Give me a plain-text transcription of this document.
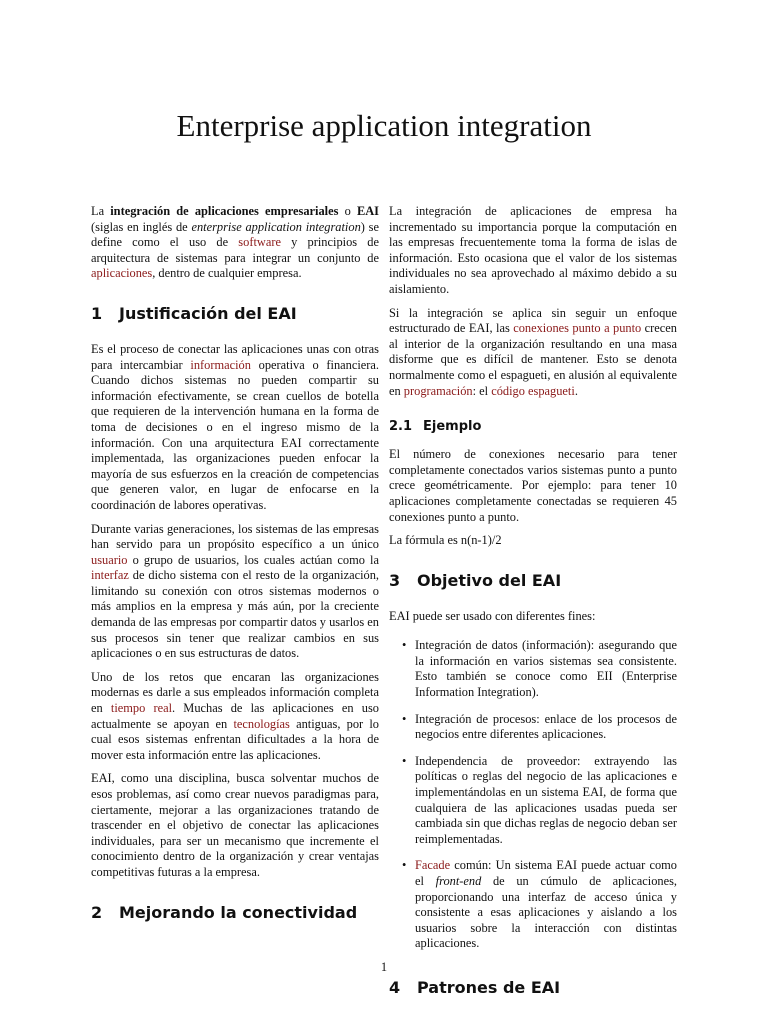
Enterprise application integration

La integración de aplicaciones empresariales o EAI (siglas en inglés de enterprise application integration) se define como el uso de software y principios de arquitectura de sistemas para integrar un conjunto de aplicaciones, dentro de cualquier empresa.

1 Justificación del EAI

Es el proceso de conectar las aplicaciones unas con otras para intercambiar información operativa o financiera. Cuando dichos sistemas no pueden compartir su información efectivamente, se crean cuellos de botella que requieren de la intervención humana en la forma de toma de decisiones o en el ingreso mismo de la información. Con una arquitectura EAI correctamente implementada, las organizaciones pueden enfocar la mayoría de sus esfuerzos en la creación de competencias que generen valor, en lugar de enfocarse en la coordinación de labores operativas.

Durante varias generaciones, los sistemas de las empresas han servido para un propósito específico a un único usuario o grupo de usuarios, los cuales actúan como la interfaz de dicho sistema con el resto de la organización, limitando su conexión con otros sistemas modernos o más amplios en la empresa y más aún, por la creciente demanda de las empresas por compartir datos y usarlos en sus procesos sin tener que realizar cambios en sus aplicaciones o en sus estructuras de datos.

Uno de los retos que encaran las organizaciones modernas es darle a sus empleados información completa en tiempo real. Muchas de las aplicaciones en uso actualmente se apoyan en tecnologías antiguas, por lo cual esos sistemas enfrentan dificultades a la hora de mover esta información entre las aplicaciones.

EAI, como una disciplina, busca solventar muchos de esos problemas, así como crear nuevos paradigmas para, ciertamente, mejorar a las organizaciones tratando de trascender en el objetivo de conectar las aplicaciones individuales, para ser un mecanismo que incremente el conocimiento dentro de la organización y crear ventajas competitivas futuras a la empresa.

2 Mejorando la conectividad

La integración de aplicaciones de empresa ha incrementado su importancia porque la computación en las empresas frecuentemente toma la forma de islas de información. Esto ocasiona que el valor de los sistemas individuales no sea aprovechado al máximo debido a su aislamiento.

Si la integración se aplica sin seguir un enfoque estructurado de EAI, las conexiones punto a punto crecen al interior de la organización resultando en una masa disforme que es difícil de mantener. Esto se denota normalmente como el espagueti, en alusión al equivalente en programación: el código espagueti.

2.1 Ejemplo

El número de conexiones necesario para tener completamente conectados varios sistemas punto a punto crece geométricamente. Por ejemplo: para tener 10 aplicaciones completamente conectadas se requieren 45 conexiones punto a punto.

La fórmula es n(n-1)/2

3 Objetivo del EAI

EAI puede ser usado con diferentes fines:

• Integración de datos (información): asegurando que la información en varios sistemas sea consistente. Esto también se conoce como EII (Enterprise Information Integration).
• Integración de procesos: enlace de los procesos de negocios entre diferentes aplicaciones.
• Independencia de proveedor: extrayendo las políticas o reglas del negocio de las aplicaciones e implementándolas en un sistema EAI, de forma que cualquiera de las aplicaciones usadas pueda ser cambiada sin que dichas reglas de negocio deban ser reimplementadas.
• Facade común: Un sistema EAI puede actuar como el front-end de un cúmulo de aplicaciones, proporcionando una interfaz de acceso única y consistente a esas aplicaciones y aislando a los usuarios sobre la interacción con distintas aplicaciones.
4 Patrones de EAI
1
